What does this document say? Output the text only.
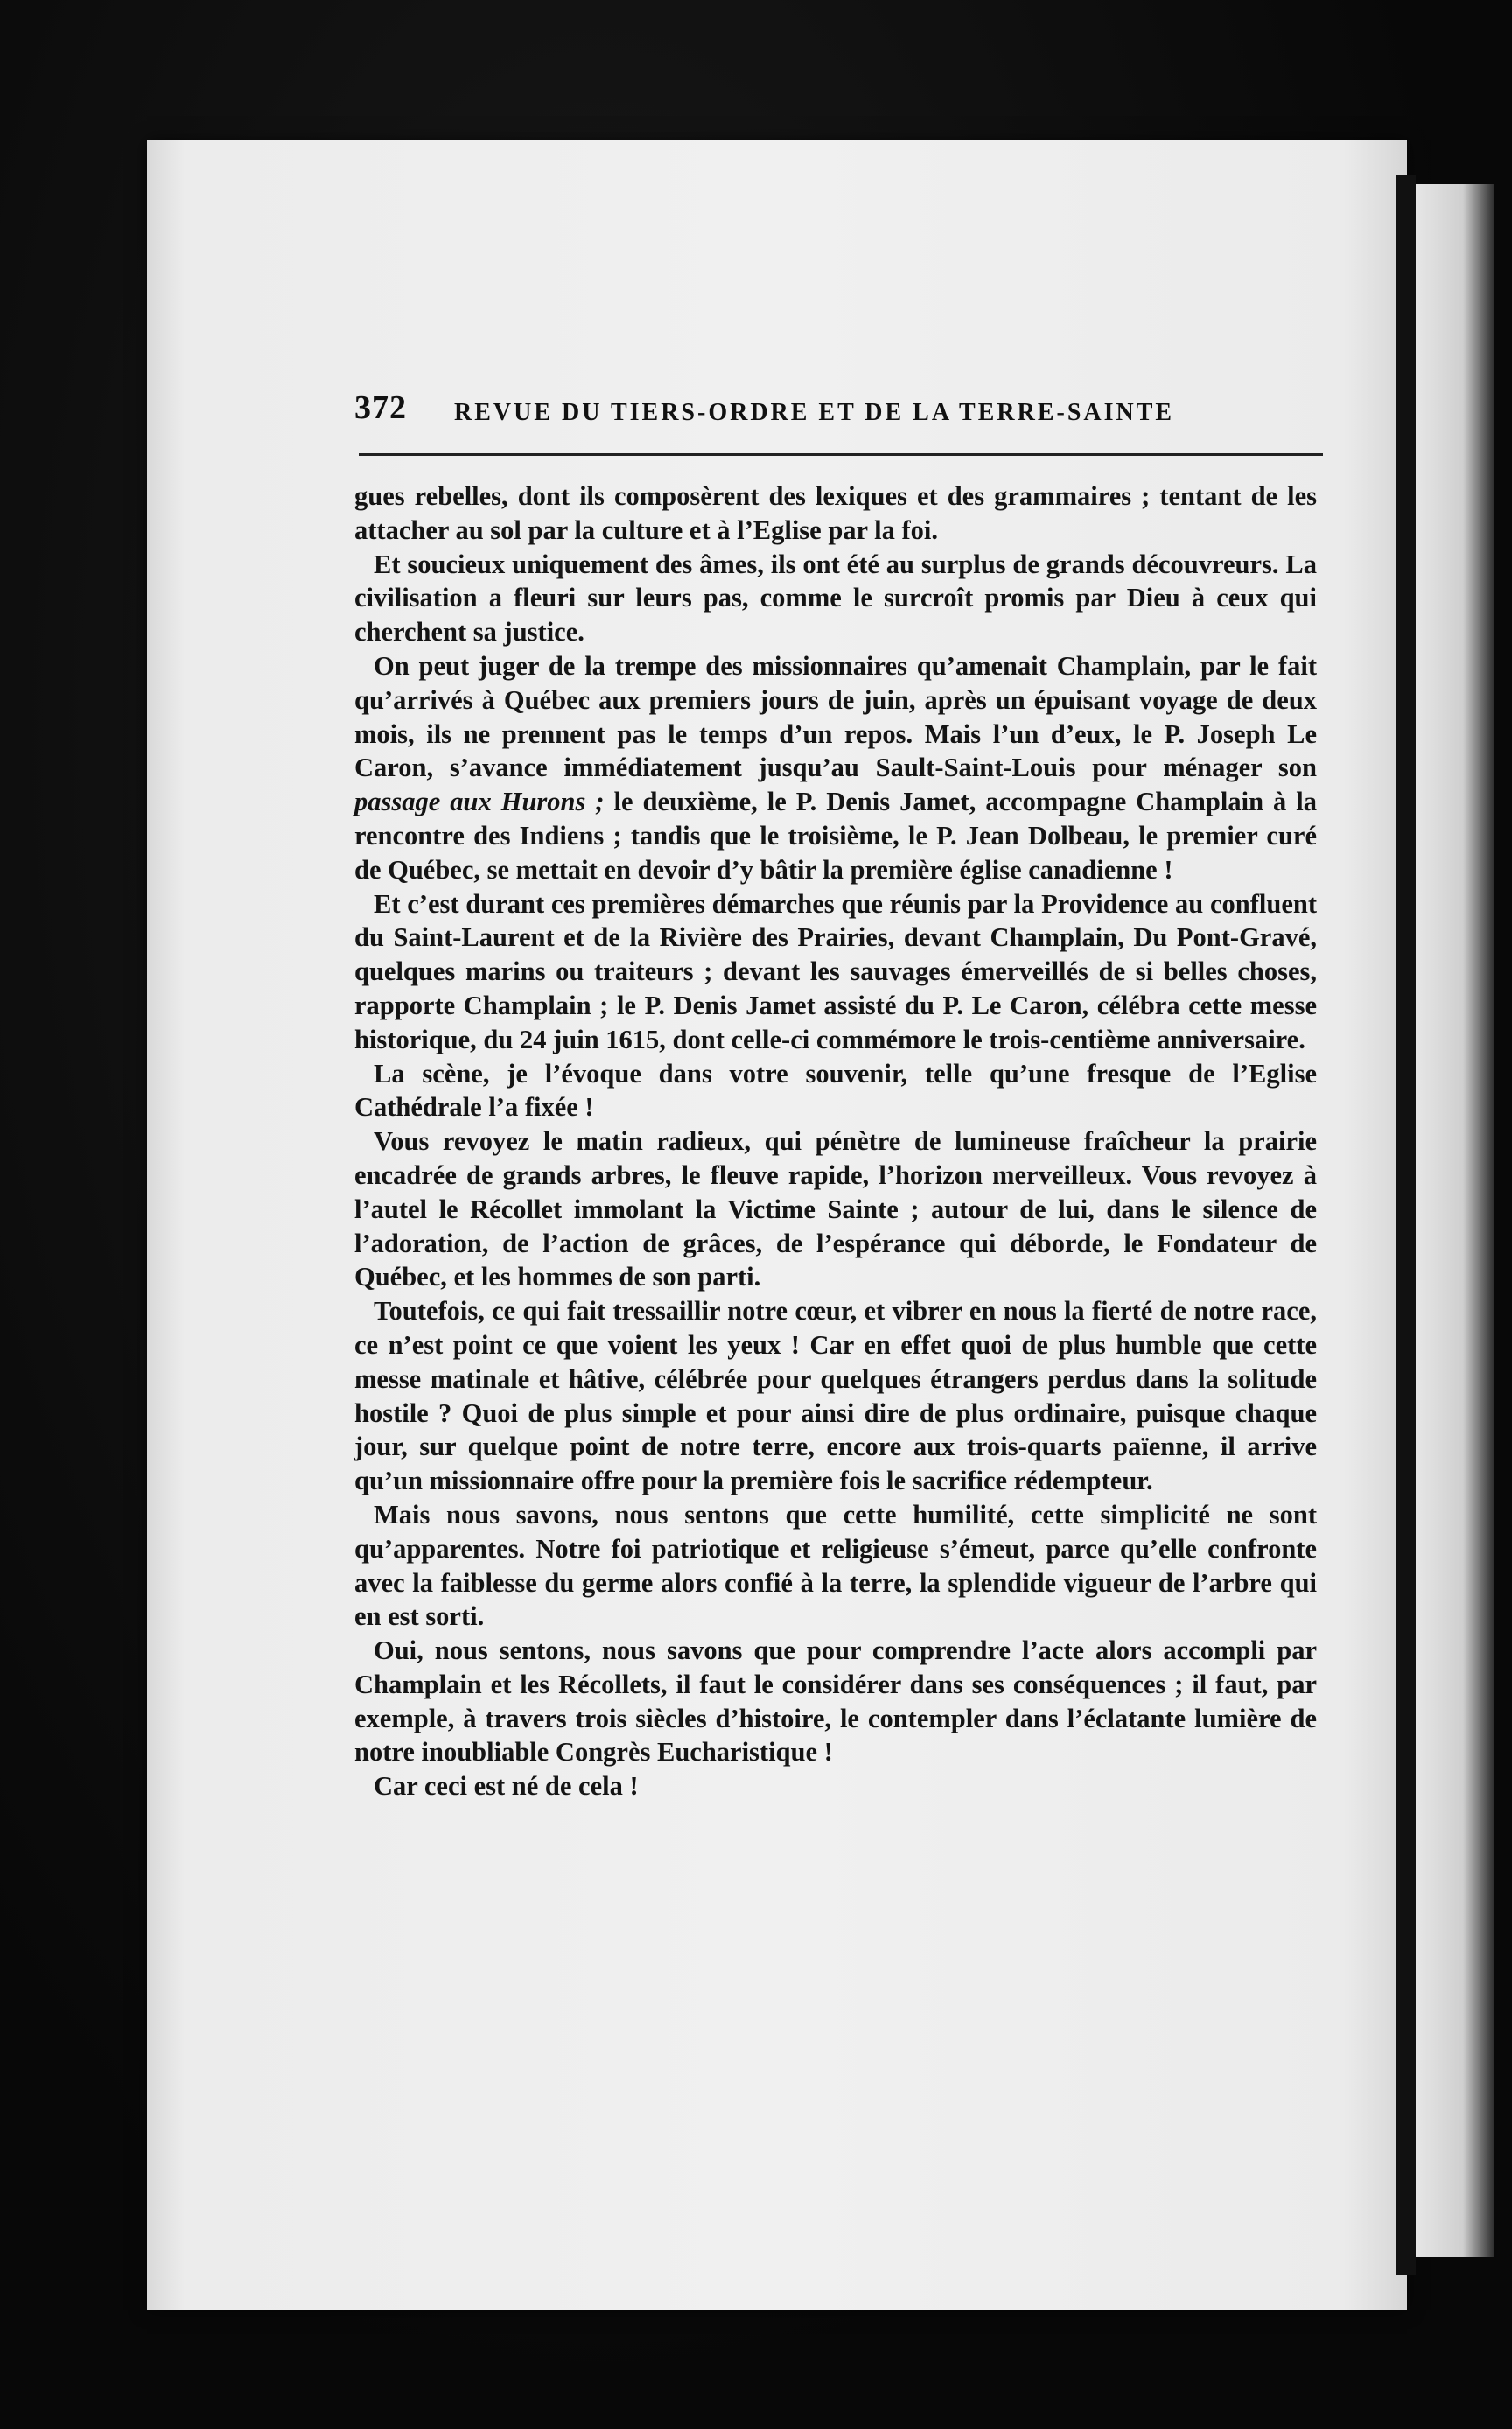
372 REVUE DU TIERS-ORDRE ET DE LA TERRE-SAINTE

gues rebelles, dont ils composèrent des lexiques et des grammaires ; tentant de les attacher au sol par la culture et à l’Eglise par la foi.

Et soucieux uniquement des âmes, ils ont été au surplus de grands découvreurs. La civilisation a fleuri sur leurs pas, comme le surcroît promis par Dieu à ceux qui cherchent sa justice.

On peut juger de la trempe des missionnaires qu’amenait Champlain, par le fait qu’arrivés à Québec aux premiers jours de juin, après un épuisant voyage de deux mois, ils ne prennent pas le temps d’un repos. Mais l’un d’eux, le P. Joseph Le Caron, s’avance immédiatement jusqu’au Sault-Saint-Louis pour ménager son passage aux Hurons ; le deuxième, le P. Denis Jamet, accompagne Champlain à la rencontre des Indiens ; tandis que le troisième, le P. Jean Dolbeau, le premier curé de Québec, se mettait en devoir d’y bâtir la première église canadienne !

Et c’est durant ces premières démarches que réunis par la Providence au confluent du Saint-Laurent et de la Rivière des Prairies, devant Champlain, Du Pont-Gravé, quelques marins ou traiteurs ; devant les sauvages émerveillés de si belles choses, rapporte Champlain ; le P. Denis Jamet assisté du P. Le Caron, célébra cette messe historique, du 24 juin 1615, dont celle-ci commémore le trois-centième anniversaire.

La scène, je l’évoque dans votre souvenir, telle qu’une fresque de l’Eglise Cathédrale l’a fixée !

Vous revoyez le matin radieux, qui pénètre de lumineuse fraîcheur la prairie encadrée de grands arbres, le fleuve rapide, l’horizon merveilleux. Vous revoyez à l’autel le Récollet immolant la Victime Sainte ; autour de lui, dans le silence de l’adoration, de l’action de grâces, de l’espérance qui déborde, le Fondateur de Québec, et les hommes de son parti.

Toutefois, ce qui fait tressaillir notre cœur, et vibrer en nous la fierté de notre race, ce n’est point ce que voient les yeux ! Car en effet quoi de plus humble que cette messe matinale et hâtive, célébrée pour quelques étrangers perdus dans la solitude hostile ? Quoi de plus simple et pour ainsi dire de plus ordinaire, puisque chaque jour, sur quelque point de notre terre, encore aux trois-quarts païenne, il arrive qu’un missionnaire offre pour la première fois le sacrifice rédempteur.

Mais nous savons, nous sentons que cette humilité, cette simplicité ne sont qu’apparentes. Notre foi patriotique et religieuse s’émeut, parce qu’elle confronte avec la faiblesse du germe alors confié à la terre, la splendide vigueur de l’arbre qui en est sorti.

Oui, nous sentons, nous savons que pour comprendre l’acte alors accompli par Champlain et les Récollets, il faut le considérer dans ses conséquences ; il faut, par exemple, à travers trois siècles d’histoire, le contempler dans l’éclatante lumière de notre inoubliable Congrès Eucharistique !

Car ceci est né de cela !
